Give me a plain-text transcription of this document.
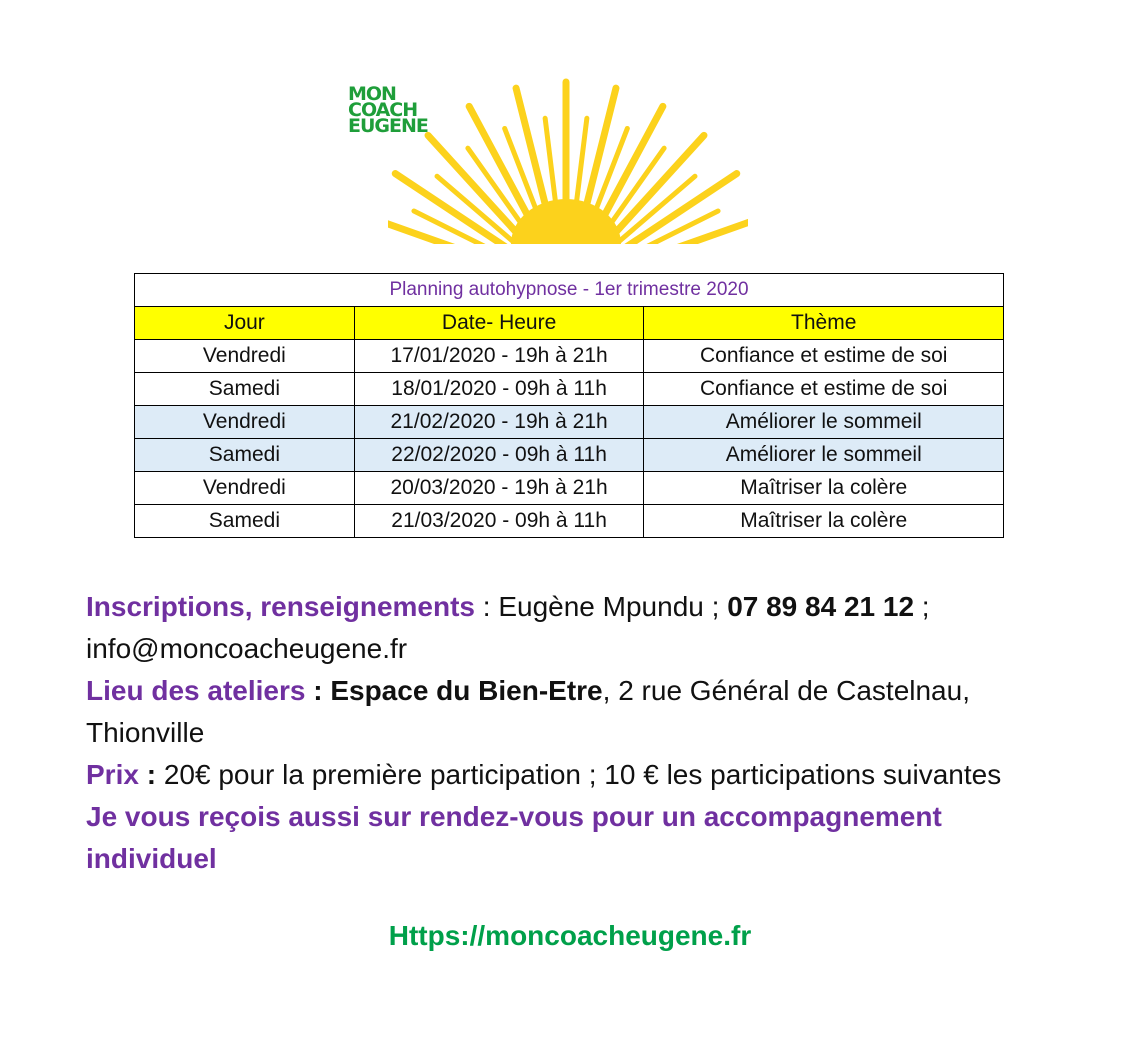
MON
COACH
EUGENE
Planning autohypnose - 1er trimestre 2020		
Jour	Date- Heure	Thème
Vendredi	17/01/2020 - 19h à 21h	Confiance et estime de soi
Samedi	18/01/2020 - 09h à 11h	Confiance et estime de soi
Vendredi	21/02/2020 - 19h à 21h	Améliorer le sommeil
Samedi	22/02/2020 - 09h à 11h	Améliorer le sommeil
Vendredi	20/03/2020 - 19h à 21h	Maîtriser la colère
Samedi	21/03/2020 - 09h à 11h	Maîtriser la colère

Inscriptions, renseignements : Eugène Mpundu ; 07 89 84 21 12 ; info@moncoacheugene.fr

Lieu des ateliers : Espace du Bien-Etre, 2 rue Général de Castelnau, Thionville

Prix : 20€ pour la première participation ; 10 € les participations suivantes

Je vous reçois aussi sur rendez-vous pour un accompagnement individuel

Https://moncoacheugene.fr
